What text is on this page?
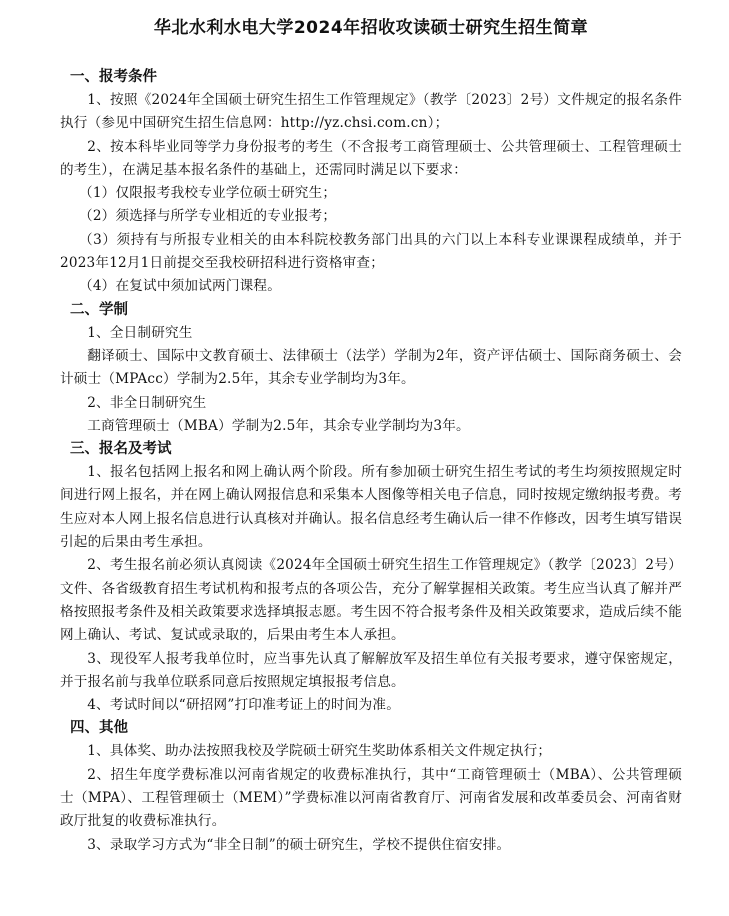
华北水利水电大学2024年招收攻读硕士研究生招生简章
一、报考条件

1、按照《2024年全国硕士研究生招生工作管理规定》（教学〔2023〕2号）文件规定的报名条件执行（参见中国研究生招生信息网：http://yz.chsi.com.cn）；

2、按本科毕业同等学力身份报考的考生（不含报考工商管理硕士、公共管理硕士、工程管理硕士的考生），在满足基本报名条件的基础上，还需同时满足以下要求：

（1）仅限报考我校专业学位硕士研究生；

（2）须选择与所学专业相近的专业报考；

（3）须持有与所报专业相关的由本科院校教务部门出具的六门以上本科专业课课程成绩单，并于2023年12月1日前提交至我校研招科进行资格审查；

（4）在复试中须加试两门课程。

二、学制

1、全日制研究生

翻译硕士、国际中文教育硕士、法律硕士（法学）学制为2年，资产评估硕士、国际商务硕士、会计硕士（MPAcc）学制为2.5年，其余专业学制均为3年。

2、非全日制研究生

工商管理硕士（MBA）学制为2.5年，其余专业学制均为3年。

三、报名及考试

1、报名包括网上报名和网上确认两个阶段。所有参加硕士研究生招生考试的考生均须按照规定时间进行网上报名，并在网上确认网报信息和采集本人图像等相关电子信息，同时按规定缴纳报考费。考生应对本人网上报名信息进行认真核对并确认。报名信息经考生确认后一律不作修改，因考生填写错误引起的后果由考生承担。

2、考生报名前必须认真阅读《2024年全国硕士研究生招生工作管理规定》（教学〔2023〕2号）文件、各省级教育招生考试机构和报考点的各项公告，充分了解掌握相关政策。考生应当认真了解并严格按照报考条件及相关政策要求选择填报志愿。考生因不符合报考条件及相关政策要求，造成后续不能网上确认、考试、复试或录取的，后果由考生本人承担。

3、现役军人报考我单位时，应当事先认真了解解放军及招生单位有关报考要求，遵守保密规定，并于报名前与我单位联系同意后按照规定填报报考信息。

4、考试时间以“研招网”打印准考证上的时间为准。

四、其他

1、具体奖、助办法按照我校及学院硕士研究生奖助体系相关文件规定执行；

2、招生年度学费标准以河南省规定的收费标准执行，其中“工商管理硕士（MBA）、公共管理硕士（MPA）、工程管理硕士（MEM）”学费标准以河南省教育厅、河南省发展和改革委员会、河南省财政厅批复的收费标准执行。

3、录取学习方式为“非全日制”的硕士研究生，学校不提供住宿安排。
